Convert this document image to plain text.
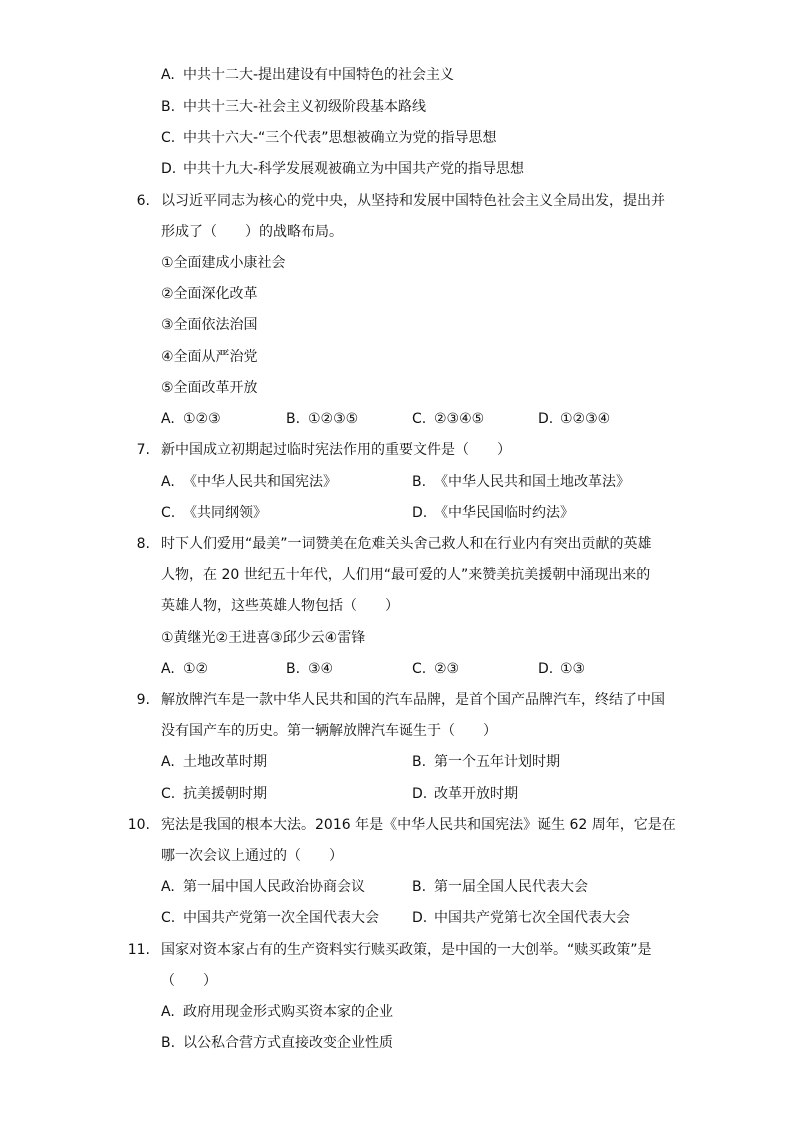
A. 中共十二大-提出建设有中国特色的社会主义
B. 中共十三大-社会主义初级阶段基本路线
C. 中共十六大-“三个代表”思想被确立为党的指导思想
D. 中共十九大-科学发展观被确立为中国共产党的指导思想
6. 以习近平同志为核心的党中央，从坚持和发展中国特色社会主义全局出发，提出并
形成了（　　）的战略布局。
①全面建成小康社会
②全面深化改革
③全面依法治国
④全面从严治党
⑤全面改革开放
A. ①②③	B. ①②③⑤	C. ②③④⑤	D. ①②③④
7. 新中国成立初期起过临时宪法作用的重要文件是（　　）
A. 《中华人民共和国宪法》	B. 《中华人民共和国土地改革法》
C. 《共同纲领》	D. 《中华民国临时约法》
8. 时下人们爱用“最美”一词赞美在危难关头舍己救人和在行业内有突出贡献的英雄
人物，在 20 世纪五十年代，人们用“最可爱的人”来赞美抗美援朝中涌现出来的
英雄人物，这些英雄人物包括（　　）
①黄继光②王进喜③邱少云④雷锋
A. ①②	B. ③④	C. ②③	D. ①③
9. 解放牌汽车是一款中华人民共和国的汽车品牌，是首个国产品牌汽车，终结了中国
没有国产车的历史。第一辆解放牌汽车诞生于（　　）
A. 土地改革时期	B. 第一个五年计划时期
C. 抗美援朝时期	D. 改革开放时期
10. 宪法是我国的根本大法。2016 年是《中华人民共和国宪法》诞生 62 周年，它是在
哪一次会议上通过的（　　）
A. 第一届中国人民政治协商会议	B. 第一届全国人民代表大会
C. 中国共产党第一次全国代表大会 D. 中国共产党第七次全国代表大会
11. 国家对资本家占有的生产资料实行赎买政策，是中国的一大创举。“赎买政策”是
（　　）
A. 政府用现金形式购买资本家的企业
B. 以公私合营方式直接改变企业性质
